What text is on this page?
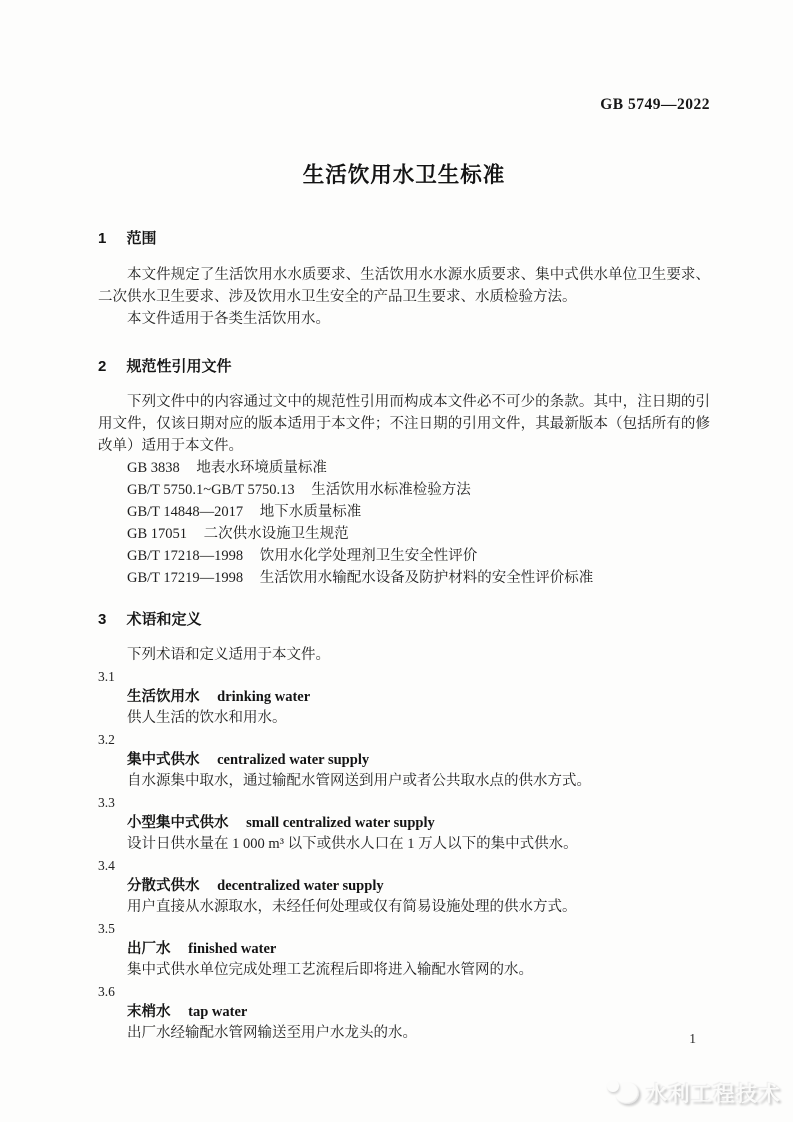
GB 5749—2022
生活饮用水卫生标准
1 范围

本文件规定了生活饮用水水质要求、生活饮用水水源水质要求、集中式供水单位卫生要求、二次供水卫生要求、涉及饮用水卫生安全的产品卫生要求、水质检验方法。

本文件适用于各类生活饮用水。

2 规范性引用文件

下列文件中的内容通过文中的规范性引用而构成本文件必不可少的条款。其中，注日期的引用文件，仅该日期对应的版本适用于本文件；不注日期的引用文件，其最新版本（包括所有的修改单）适用于本文件。

GB 3838 地表水环境质量标准
GB/T 5750.1~GB/T 5750.13 生活饮用水标准检验方法
GB/T 14848—2017 地下水质量标准
GB 17051 二次供水设施卫生规范
GB/T 17218—1998 饮用水化学处理剂卫生安全性评价
GB/T 17219—1998 生活饮用水输配水设备及防护材料的安全性评价标准
3 术语和定义

下列术语和定义适用于本文件。

3.1
生活饮用水 drinking water
供人生活的饮水和用水。
3.2
集中式供水 centralized water supply
自水源集中取水，通过输配水管网送到用户或者公共取水点的供水方式。
3.3
小型集中式供水 small centralized water supply
设计日供水量在 1 000 m³ 以下或供水人口在 1 万人以下的集中式供水。
3.4
分散式供水 decentralized water supply
用户直接从水源取水，未经任何处理或仅有简易设施处理的供水方式。
3.5
出厂水 finished water
集中式供水单位完成处理工艺流程后即将进入输配水管网的水。
3.6
末梢水 tap water
出厂水经输配水管网输送至用户水龙头的水。	1
水利工程技术
